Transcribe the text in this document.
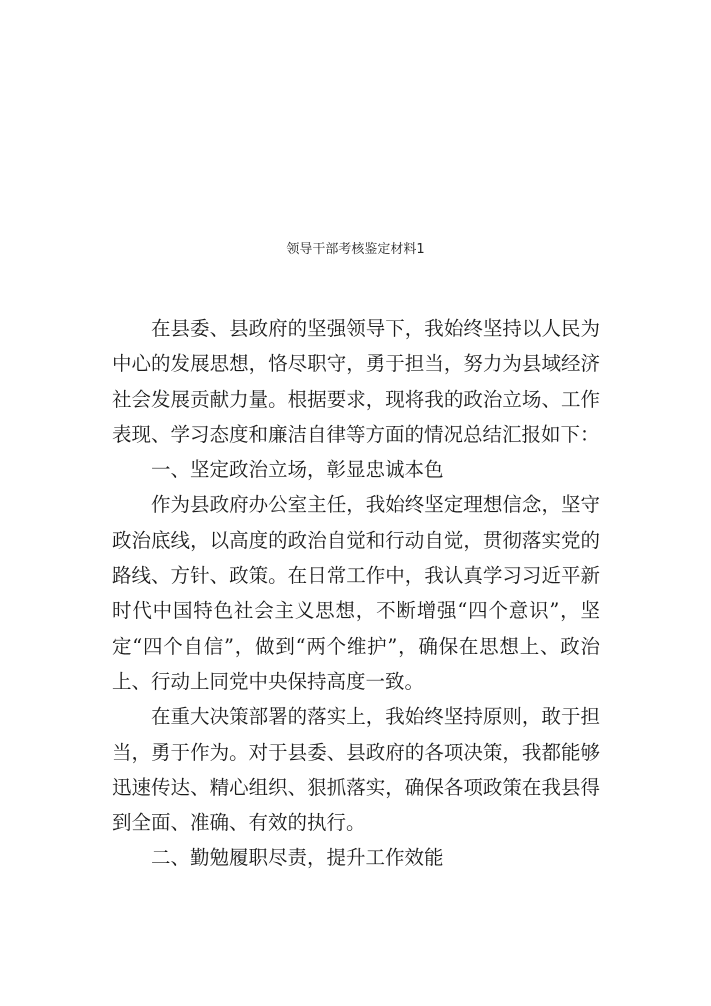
领导干部考核鉴定材料1

在县委、县政府的坚强领导下，我始终坚持以人民为中心的发展思想，恪尽职守，勇于担当，努力为县域经济社会发展贡献力量。根据要求，现将我的政治立场、工作表现、学习态度和廉洁自律等方面的情况总结汇报如下：

一、坚定政治立场，彰显忠诚本色

作为县政府办公室主任，我始终坚定理想信念，坚守政治底线，以高度的政治自觉和行动自觉，贯彻落实党的路线、方针、政策。在日常工作中，我认真学习习近平新时代中国特色社会主义思想，不断增强“四个意识”，坚定“四个自信”，做到“两个维护”，确保在思想上、政治上、行动上同党中央保持高度一致。

在重大决策部署的落实上，我始终坚持原则，敢于担当，勇于作为。对于县委、县政府的各项决策，我都能够迅速传达、精心组织、狠抓落实，确保各项政策在我县得到全面、准确、有效的执行。

二、勤勉履职尽责，提升工作效能
